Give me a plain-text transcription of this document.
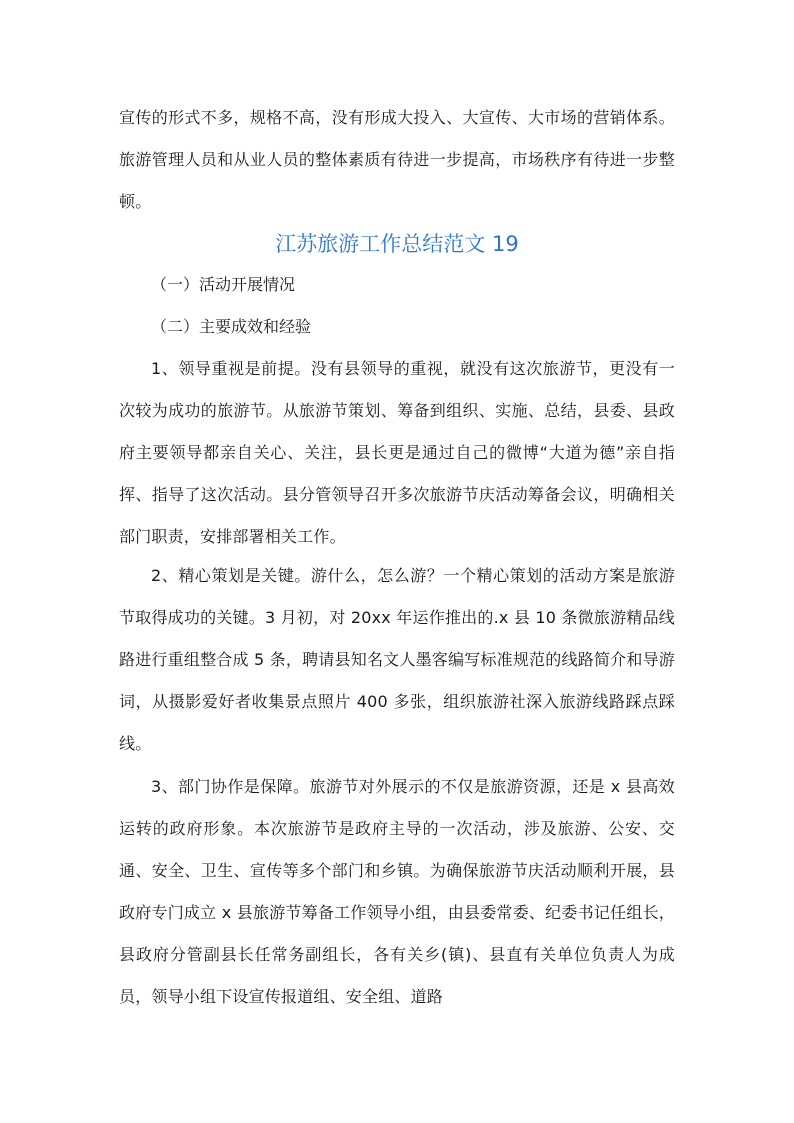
宣传的形式不多，规格不高，没有形成大投入、大宣传、大市场的营销体系。旅游管理人员和从业人员的整体素质有待进一步提高，市场秩序有待进一步整顿。

江苏旅游工作总结范文 19

（一）活动开展情况

（二）主要成效和经验

1、领导重视是前提。没有县领导的重视，就没有这次旅游节，更没有一次较为成功的旅游节。从旅游节策划、筹备到组织、实施、总结，县委、县政府主要领导都亲自关心、关注，县长更是通过自己的微博“大道为德”亲自指挥、指导了这次活动。县分管领导召开多次旅游节庆活动筹备会议，明确相关部门职责，安排部署相关工作。

2、精心策划是关键。游什么，怎么游？一个精心策划的活动方案是旅游节取得成功的关键。3 月初，对 20xx 年运作推出的.x 县 10 条微旅游精品线路进行重组整合成 5 条，聘请县知名文人墨客编写标准规范的线路简介和导游词，从摄影爱好者收集景点照片 400 多张，组织旅游社深入旅游线路踩点踩线。

3、部门协作是保障。旅游节对外展示的不仅是旅游资源，还是 x 县高效运转的政府形象。本次旅游节是政府主导的一次活动，涉及旅游、公安、交通、安全、卫生、宣传等多个部门和乡镇。为确保旅游节庆活动顺利开展，县政府专门成立 x 县旅游节筹备工作领导小组，由县委常委、纪委书记任组长，县政府分管副县长任常务副组长，各有关乡(镇)、县直有关单位负责人为成员，领导小组下设宣传报道组、安全组、道路
